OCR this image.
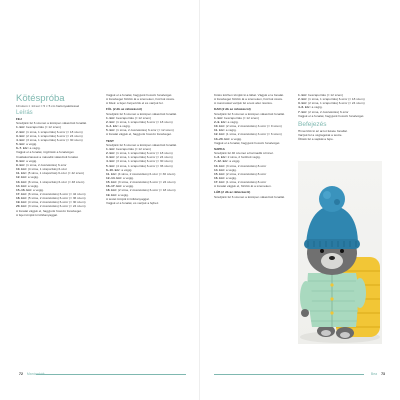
Kötéspróba

10 szem × 14 sor = 5 × 5 cm harisnyakötéssel

Leírás

FEJ

Szedjünk fel 6 szemet a középen választott fonallal.

1. kör: beszaporítás (= 12 szem)

2. kör: (1 sima, 1 szaporítás) 6-szor (= 18 szem)

3. kör: (2 sima, 1 szaporítás) 6-szor (= 24 szem)

4. kör: (3 sima, 1 szaporítás) 6-szor (= 30 szem)

5. kör: a végig.

6–7. kör: a végig.

Vágjuk el a fonalat, rögzítsük a fonalvéget.

Csatlakoztassuk a második választott fonalat.

8. kör: a végig.

9. kör: (1 sima, 2 összekötés) 6-szor

10. kör: (4 sima, 1 szaporítás) 6-szor

11. kör: (5 sima, 1 szaporítás) 6-szor (= 42 szem)

12. kör: a végig.

13. kör: (6 sima, 1 szaporítás) 6-szor (= 48 szem)

14. kör: a végig.

15–16. kör: a végig.

17. kör: (6 sima, 2 összekötés) 6-szor (= 42 szem)

18. kör: (5 sima, 2 összekötés) 6-szor (= 36 szem)

19. kör: (4 sima, 2 összekötés) 6-szor (= 30 szem)

20. kör: (3 sima, 2 összekötés) 6-szor (= 24 szem)

A fonalat vágjuk el, hagyjunk hosszú fonalvéget.

A fejet tömjük ki töltőanyaggal.

Vágjuk el a fonalat, hagyjunk hosszú fonalvéget.

A fonalvéget fűzzük át a szemeken, húzzuk össze.

A fülek: a fejen helyezzük el és varrjuk fel.

FÜL (2 db az ráhúzásról)

Szedjünk fel 6 szemet a középen választott fonallal.

1. kör: beszaporítás (= 12 szem)

2. kör: (1 sima, 1 szaporítás) 6-szor (= 18 szem)

3–4. kör: a végig.

5. kör: (1 sima, 2 összekötés) 6-szor (= 12 szem)

A fonalat vágjuk el, hagyjunk hosszú fonalvéget.

TEST

Szedjünk fel 6 szemet a középen választott fonallal.

1. kör: beszaporítás (= 12 szem)

2. kör: (1 sima, 1 szaporítás) 6-szor (= 18 szem)

3. kör: (2 sima, 1 szaporítás) 6-szor (= 24 szem)

4. kör: (3 sima, 1 szaporítás) 6-szor (= 30 szem)

5. kör: (4 sima, 1 szaporítás) 6-szor (= 36 szem)

6–10. kör: a végig.

11. kör: (4 sima, 2 összekötés) 6-szor (= 30 szem)

12–14. kör: a végig.

15. kör: (3 sima, 2 összekötés) 6-szor (= 24 szem)

16–17. kör: a végig.

18. kör: (2 sima, 2 összekötés) 6-szor (= 18 szem)

19. kör: a végig.

A testet tömjük ki töltőanyaggal.

Vágjuk el a fonalat, és varrjuk a fejhez.

72 Manócskák

Kötés közben tömjük ki a lábat. Vágjuk el a fonalat.

A fonalvéget fűzzük át a szemeken, húzzuk össze.

A mancsokat varrjuk fel a test alsó részére.

KAR (2 db az ráhúzásról)

Szedjünk fel 6 szemet a középen választott fonallal.

1. kör: beszaporítás (= 12 szem)

2–9. kör: a végig.

10. kör: (2 sima, 2 összekötés) 3-szor (= 9 szem)

11. kör: a végig.

12. kör: (1 sima, 2 összekötés) 3-szor (= 6 szem)

13–20. kör: a végig.

Vágjuk el a fonalat, hagyjunk hosszú fonalvéget.

SAPKA

Szedjünk fel 40 szemet a harmadik színnel.

1–6. kör: 2 sima, 2 fordított végig.

7–12. kör: a végig.

13. kör: (3 sima, 2 összekötés) 8-szor

14. kör: a végig.

15. kör: (2 sima, 2 összekötés) 8-szor

16. kör: a végig.

17. kör: (1 sima, 2 összekötés) 8-szor

A fonalat vágjuk el, fűzzük át a szemeken.

LÁB (2 db az ráhúzásról)

Szedjünk fel 6 szemet a középen választott fonallal.

1. kör: beszaporítás (= 12 szem)

2. kör: (1 sima, 1 szaporítás) 6-szor (= 18 szem)

3. kör: (2 sima, 1 szaporítás) 6-szor (= 24 szem)

4–6. kör: a végig.

7. kör: (2 sima, 2 összekötés) 6-szor

Vágjuk el a fonalat, hagyjunk hosszú fonalvéget.

Befejezés

Hímezzük ki az arcot fekete fonallal.

Varrjuk fel a végtagokat a testre.

Öltsük fel a sapkát a fejre.

Bea 73
